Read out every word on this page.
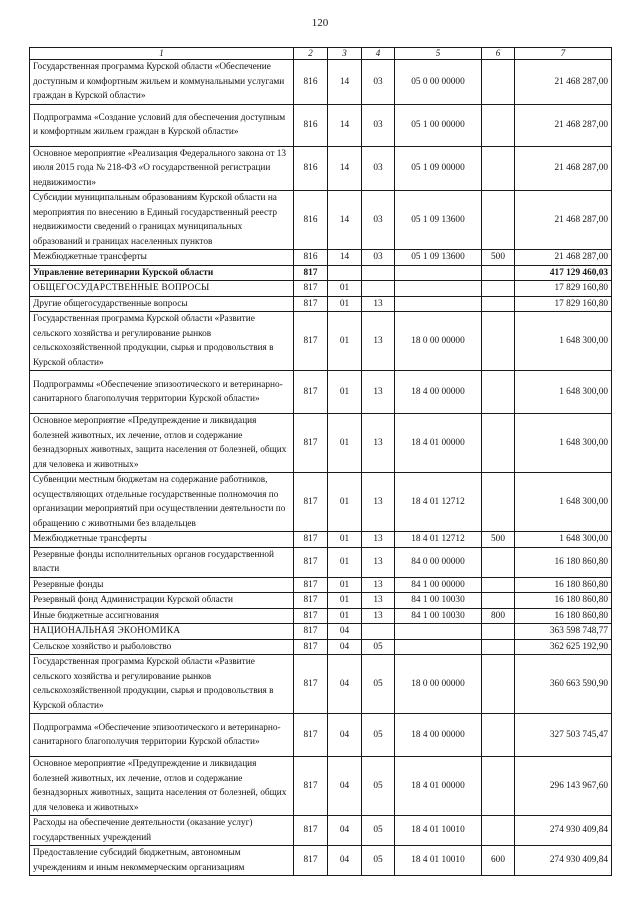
120
1	2	3	4	5	6	7
Государственная программа Курской области «Обеспечение доступным и комфортным жильем и коммунальными услугами граждан в Курской области»	816	14	03	05 0 00 00000		21 468 287,00
Подпрограмма «Создание условий для обеспечения доступным и комфортным жильем граждан в Курской области»	816	14	03	05 1 00 00000		21 468 287,00
Основное мероприятие «Реализация Федерального закона от 13 июля 2015 года № 218-ФЗ «О государственной регистрации недвижимости»	816	14	03	05 1 09 00000		21 468 287,00
Субсидии муниципальным образованиям Курской области на мероприятия по внесению в Единый государственный реестр недвижимости сведений о границах муниципальных образований и границах населенных пунктов	816	14	03	05 1 09 13600		21 468 287,00
Межбюджетные трансферты	816	14	03	05 1 09 13600	500	21 468 287,00
Управление ветеринарии Курской области	817					417 129 460,03
ОБЩЕГОСУДАРСТВЕННЫЕ ВОПРОСЫ	817	01				17 829 160,80
Другие общегосударственные вопросы	817	01	13			17 829 160,80
Государственная программа Курской области «Развитие сельского хозяйства и регулирование рынков сельскохозяйственной продукции, сырья и продовольствия в Курской области»	817	01	13	18 0 00 00000		1 648 300,00
Подпрограммы «Обеспечение эпизоотического и ветеринарно-санитарного благополучия территории Курской области»	817	01	13	18 4 00 00000		1 648 300,00
Основное мероприятие «Предупреждение и ликвидация болезней животных, их лечение, отлов и содержание безнадзорных животных, защита населения от болезней, общих для человека и животных»	817	01	13	18 4 01 00000		1 648 300,00
Субвенции местным бюджетам на содержание работников, осуществляющих отдельные государственные полномочия по организации мероприятий при осуществлении деятельности по обращению с животными без владельцев	817	01	13	18 4 01 12712		1 648 300,00
Межбюджетные трансферты	817	01	13	18 4 01 12712	500	1 648 300,00
Резервные фонды исполнительных органов государственной власти	817	01	13	84 0 00 00000		16 180 860,80
Резервные фонды	817	01	13	84 1 00 00000		16 180 860,80
Резервный фонд Администрации Курской области	817	01	13	84 1 00 10030		16 180 860,80
Иные бюджетные ассигнования	817	01	13	84 1 00 10030	800	16 180 860,80
НАЦИОНАЛЬНАЯ ЭКОНОМИКА	817	04				363 598 748,77
Сельское хозяйство и рыболовство	817	04	05			362 625 192,90
Государственная программа Курской области «Развитие сельского хозяйства и регулирование рынков сельскохозяйственной продукции, сырья и продовольствия в Курской области»	817	04	05	18 0 00 00000		360 663 590,90
Подпрограмма «Обеспечение эпизоотического и ветеринарно-санитарного благополучия территории Курской области»	817	04	05	18 4 00 00000		327 503 745,47
Основное мероприятие «Предупреждение и ликвидация болезней животных, их лечение, отлов и содержание безнадзорных животных, защита населения от болезней, общих для человека и животных»	817	04	05	18 4 01 00000		296 143 967,60
Расходы на обеспечение деятельности (оказание услуг) государственных учреждений	817	04	05	18 4 01 10010		274 930 409,84
Предоставление субсидий бюджетным, автономным учреждениям и иным некоммерческим организациям	817	04	05	18 4 01 10010	600	274 930 409,84
